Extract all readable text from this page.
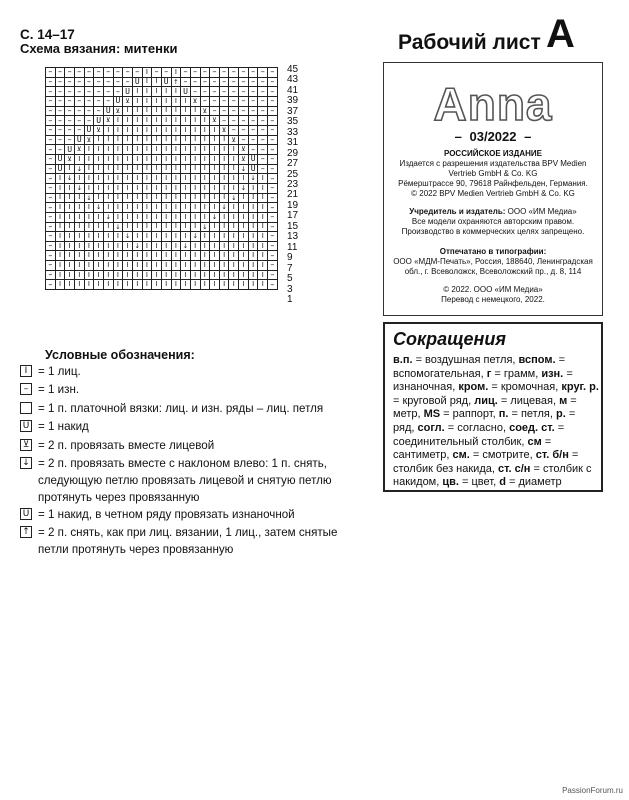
С. 14–17
Схема вязания: митенки
– – – – – – – – – – I – – I – – – – – – – – – –
– – – – – – – – – U I	I U ↑ – – – – – – – – – –
– – – – – – – – U I	I	I	I	I U – – – – – – – – –
– – – – – – – U ⊻ I	I	I	I	I	I ⊻ – – – – – – – –
– – – – – – U ⊻ I	I	I	I	I	I	I	I ⊻ – – – – – – –
– – – – – U ⊻ I	I	I	I	I	I	I	I	I	I ⊻ – – – – – –
– – – – U ⊻ I	I	I	I	I	I	I	I	I	I	I	I ⊻ – – – – –
– – – U ⊻ I	I	I	I	I	I	I	I	I	I	I	I	I	I ⊻ – – – –
– – U ⊻ I	I	I	I	I	I	I	I	I	I	I	I	I	I	I	I ⊻ – – –
– U ⊻ I	I	I	I	I	I	I	I	I	I	I	I	I	I	I	I	I ⊻ U – –
– U I ↓ I	I	I	I	I	I	I	I	I	I	I	I	I	I	I	I ↓ U – –
– I ↓ I	I	I	I	I	I	I	I	I	I	I	I	I	I	I	I	I	I ↓ I –
– I	I ↓ I	I	I	I	I	I	I	I	I	I	I	I	I	I	I	I ↓ I	I –
– I	I	I ↓ I	I	I	I	I	I	I	I	I	I	I	I	I	I ↓ I	I	I –
– I	I	I	I ↓ I	I	I	I	I	I	I	I	I	I	I	I ↓ I	I	I	I –
– I	I	I	I	I ↓ I	I	I	I	I	I	I	I	I	I ↓ I	I	I	I	I –
– I	I	I	I	I	I ↓ I	I	I	I	I	I	I	I ↓ I	I	I	I	I	I –
– I	I	I	I	I	I	I ↓ I	I	I	I	I	I ↓ I	I	I	I	I	I	I –
– I	I	I	I	I	I	I	I ↓ I	I	I	I ↓ I	I	I	I	I	I	I	I –
– I	I	I	I	I	I	I	I	I	I	I	I	I	I	I	I	I	I	I	I	I	I –
– I	I	I	I	I	I	I	I	I	I	I	I	I	I	I	I	I	I	I	I	I	I –
– I	I	I	I	I	I	I	I	I	I	I	I	I	I	I	I	I	I	I	I	I	I –
– I	I	I	I	I	I	I	I	I	I	I	I	I	I	I	I	I	I	I	I	I	I –
45
43
41
39
37
35
33
31
29
27
25
23
21
19
17
15
13
11
9
7
5
3
1
Условные обозначения:
I = 1 лиц.
– = 1 изн.
= 1 п. платочной вязки: лиц. и изн. ряды – лиц. петля
U = 1 накид
⊻ = 2 п. провязать вместе лицевой
↓ = 2 п. провязать вместе с наклоном влево: 1 п. снять, следующую петлю провязать лицевой и снятую петлю протянуть через провязанную
Ū = 1 накид, в четном ряду провязать изнаночной
↑ = 2 п. снять, как при лиц. вязании, 1 лиц., затем снятые петли протянуть через провязанную
Рабочий лист A
Anna
– 03/2022 –
РОССИЙСКОЕ ИЗДАНИЕ
Издается с разрешения издательства BPV Medien
Vertrieb GmbH & Co. KG
Рёмерштрассе 90, 79618 Райнфельден, Германия.
© 2022 BPV Medien Vertrieb GmbH & Co. KG
Учредитель и издатель: ООО «ИМ Медиа»
Все модели охраняются авторским правом.
Производство в коммерческих целях запрещено.
Отпечатано в типографии:
ООО «МДМ-Печать», Россия, 188640, Ленинградская
обл., г. Всеволожск, Всеволожский пр., д. 8, 114
© 2022. ООО «ИМ Медиа»
Перевод с немецкого, 2022.
Сокращения
в.п. = воздушная петля, вспом. = вспомогательная, г = грамм, изн. = изнаночная, кром. = кромочная, круг. р. = круговой ряд, лиц. = лицевая, м = метр, MS = раппорт, п. = петля, р. = ряд, согл. = согласно, соед. ст. = соединительный столбик, см = сантиметр, см. = смотрите, ст. б/н = столбик без накида, ст. с/н = столбик с накидом, цв. = цвет, d = диаметр
PassionForum.ru
